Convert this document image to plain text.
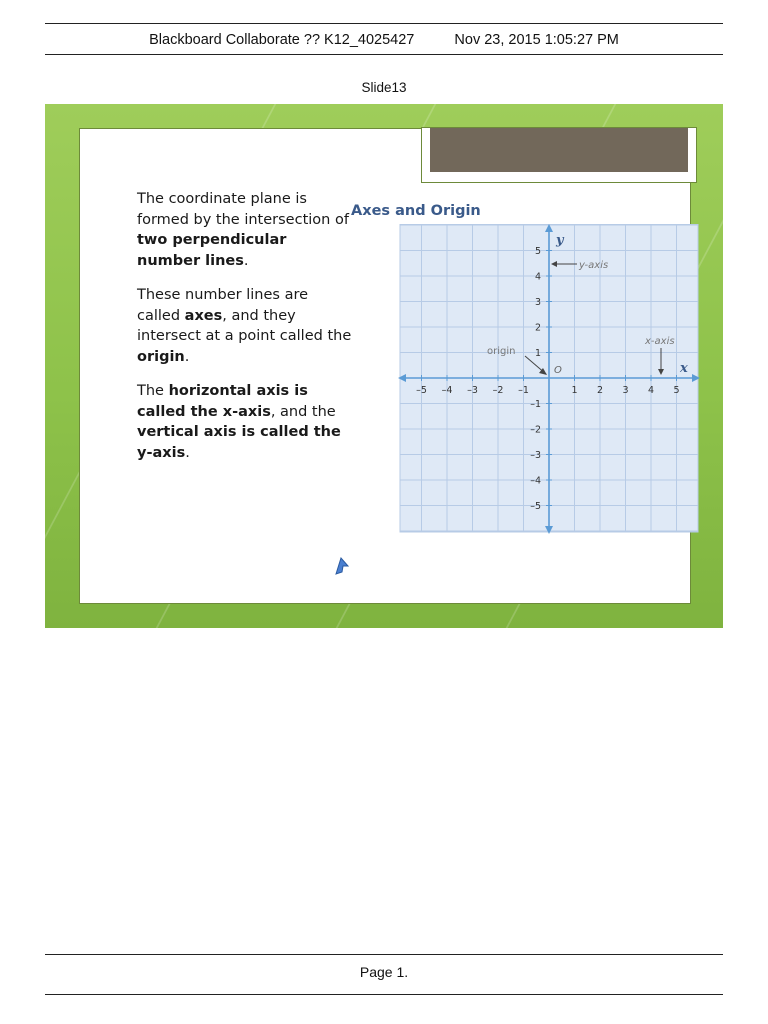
Blackboard Collaborate ?? K12_4025427	Nov 23, 2015 1:05:27 PM
Slide13

The coordinate plane is formed by the intersection of two perpendicular number lines.

These number lines are called axes, and they intersect at a point called the origin.

The horizontal axis is called the x-axis, and the vertical axis is called the y-axis.

Axes and Origin
–5 –4 –3 –2 –1	1 2 3 4 5
5
4
3
2
1
–1
–2
–3
–4
–5
x
y
O
origin
x-axis
y-axis
Page 1.
